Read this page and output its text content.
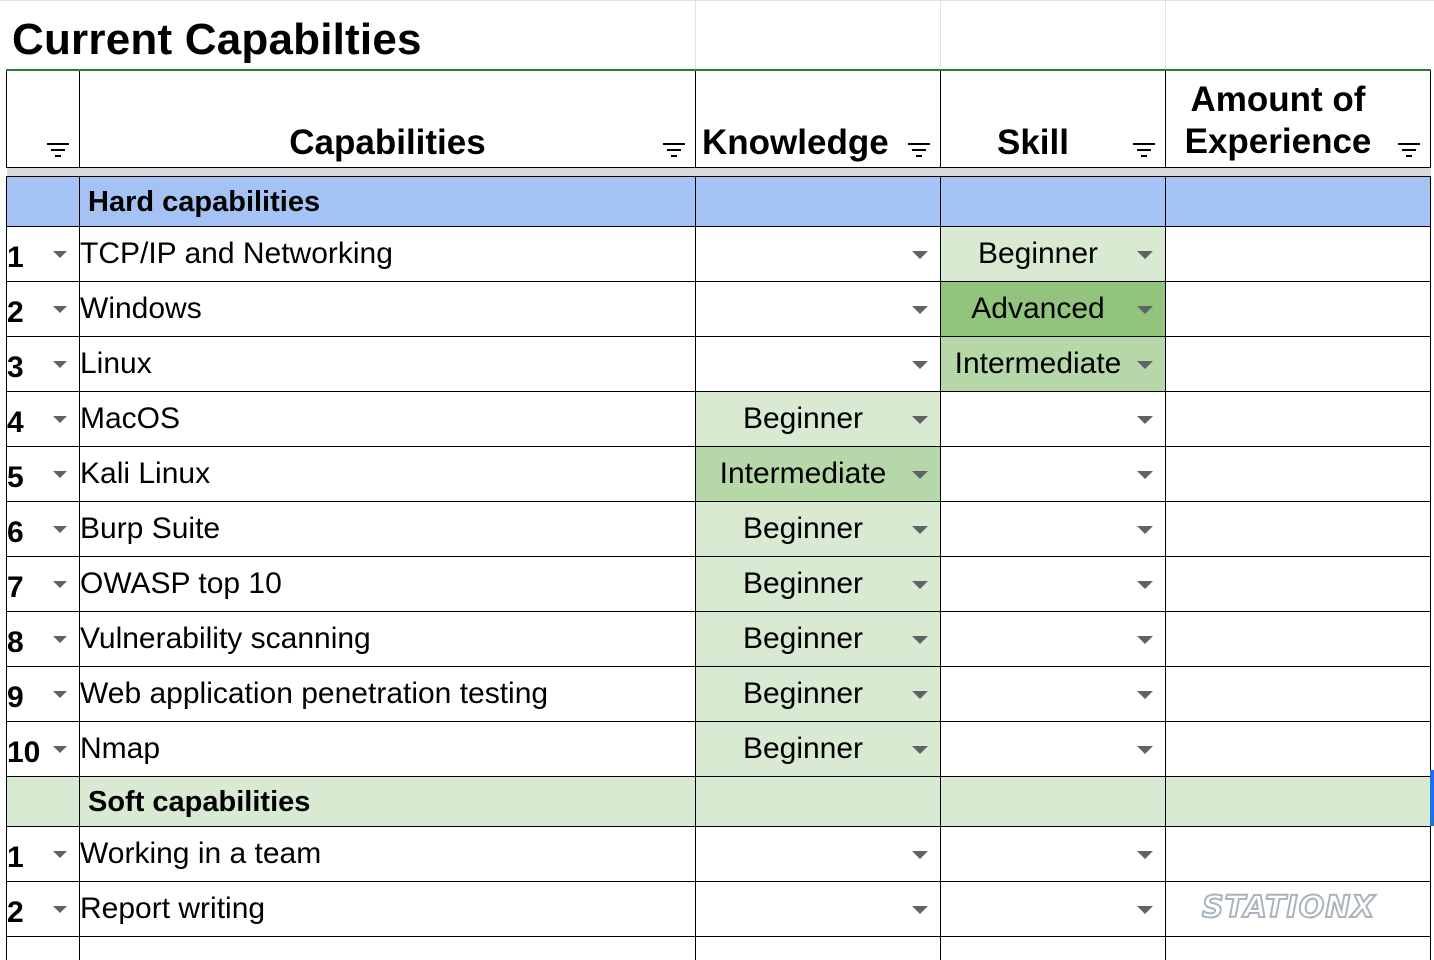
Current Capabilties
	Capabilities	Knowledge	Skill	Amount of
Experience

	Hard capabilities			
1	TCP/IP and Networking		Beginner

2	Windows		Advanced

3	Linux		Intermediate

4	MacOS	Beginner

5	Kali Linux	Intermediate

6	Burp Suite	Beginner

7	OWASP top 10	Beginner

8	Vulnerability scanning	Beginner

9	Web application penetration testing	Beginner

10	Nmap	Beginner

	Soft capabilities			
1	Working in a team	

2	Report writing	

					STATIONX
